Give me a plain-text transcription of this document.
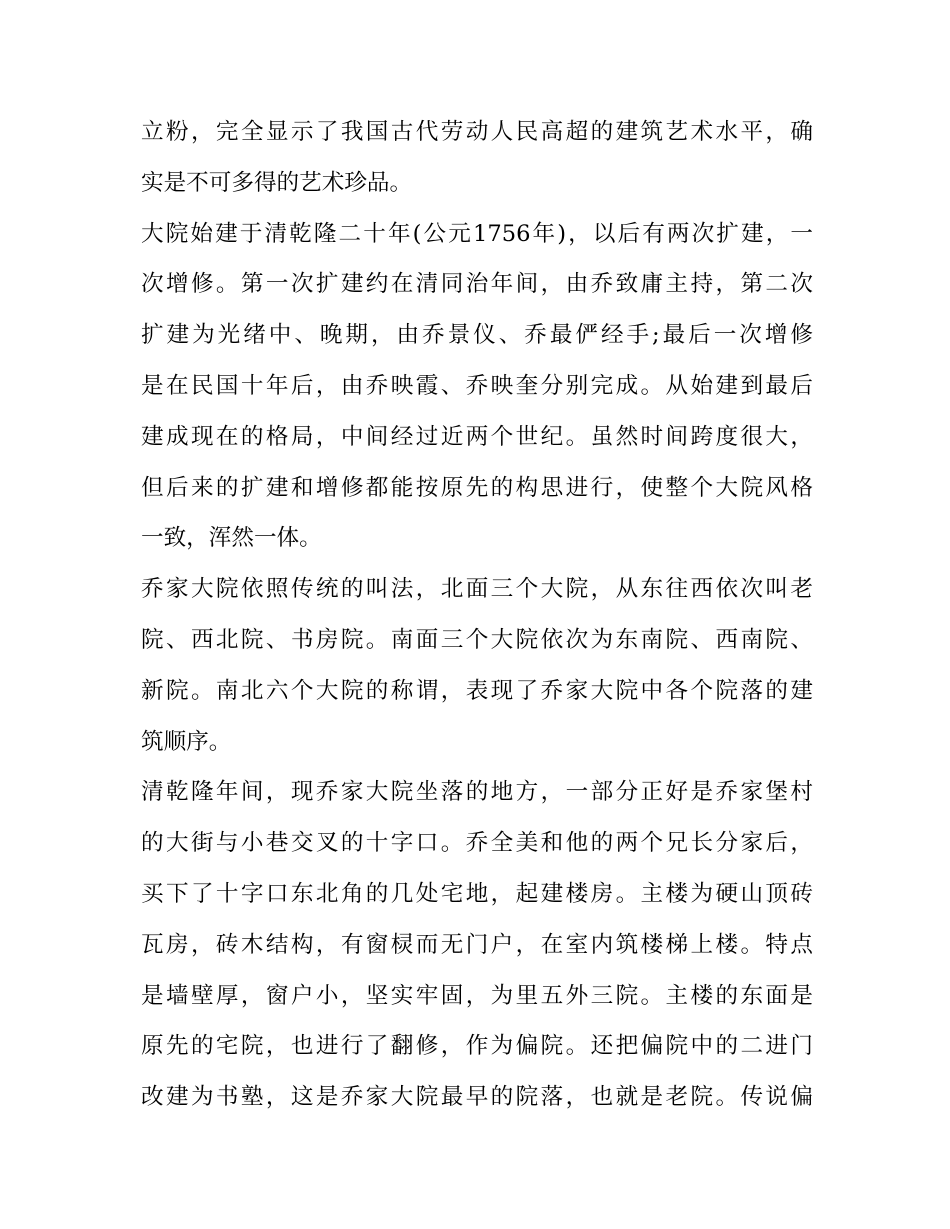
立粉，完全显示了我国古代劳动人民高超的建筑艺术水平，确
实是不可多得的艺术珍品。
大院始建于清乾隆二十年(公元1756年)，以后有两次扩建，一
次增修。第一次扩建约在清同治年间，由乔致庸主持，第二次
扩建为光绪中、晚期，由乔景仪、乔最俨经手;最后一次增修
是在民国十年后，由乔映霞、乔映奎分别完成。从始建到最后
建成现在的格局，中间经过近两个世纪。虽然时间跨度很大，
但后来的扩建和增修都能按原先的构思进行，使整个大院风格
一致，浑然一体。
乔家大院依照传统的叫法，北面三个大院，从东往西依次叫老
院、西北院、书房院。南面三个大院依次为东南院、西南院、
新院。南北六个大院的称谓，表现了乔家大院中各个院落的建
筑顺序。
清乾隆年间，现乔家大院坐落的地方，一部分正好是乔家堡村
的大街与小巷交叉的十字口。乔全美和他的两个兄长分家后，
买下了十字口东北角的几处宅地，起建楼房。主楼为硬山顶砖
瓦房，砖木结构，有窗棂而无门户，在室内筑楼梯上楼。特点
是墙壁厚，窗户小，坚实牢固，为里五外三院。主楼的东面是
原先的宅院，也进行了翻修，作为偏院。还把偏院中的二进门
改建为书塾，这是乔家大院最早的院落，也就是老院。传说偏
